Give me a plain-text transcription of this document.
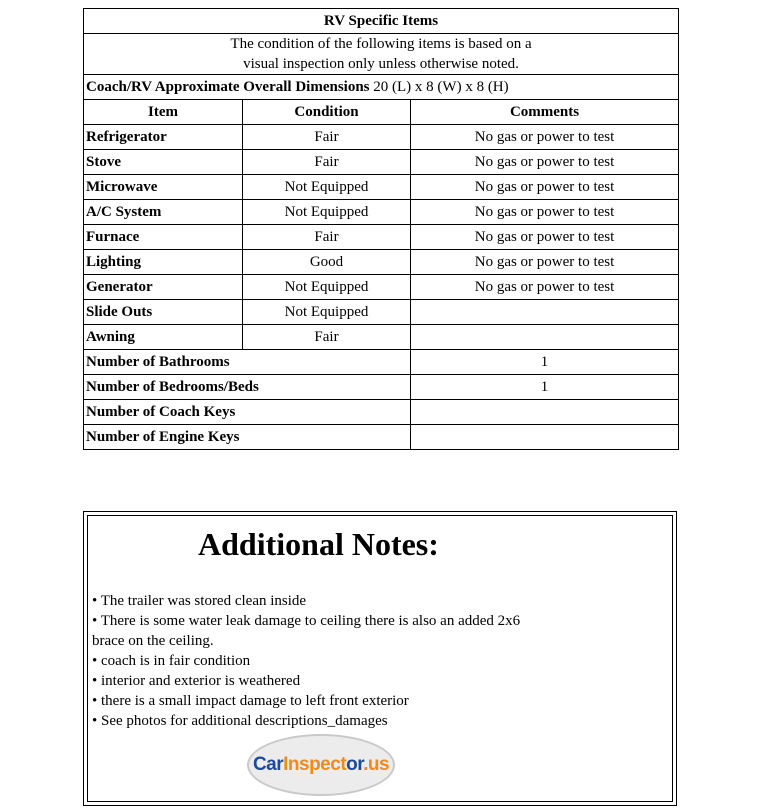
RV Specific Items		
The condition of the following items is based on a
visual inspection only unless otherwise noted.		
Coach/RV Approximate Overall Dimensions 20 (L) x 8 (W) x 8 (H)		
Item	Condition	Comments
Refrigerator	Fair	No gas or power to test
Stove	Fair	No gas or power to test
Microwave	Not Equipped	No gas or power to test
A/C System	Not Equipped	No gas or power to test
Furnace	Fair	No gas or power to test
Lighting	Good	No gas or power to test
Generator	Not Equipped	No gas or power to test
Slide Outs	Not Equipped	
Awning	Fair	
Number of Bathrooms		1
Number of Bedrooms/Beds		1
Number of Coach Keys		
Number of Engine Keys		
Additional Notes:
• The trailer was stored clean inside
• There is some water leak damage to ceiling there is also an added 2x6
brace on the ceiling.
• coach is in fair condition
• interior and exterior is weathered
• there is a small impact damage to left front exterior
• See photos for additional descriptions_damages
CarInspector.us
